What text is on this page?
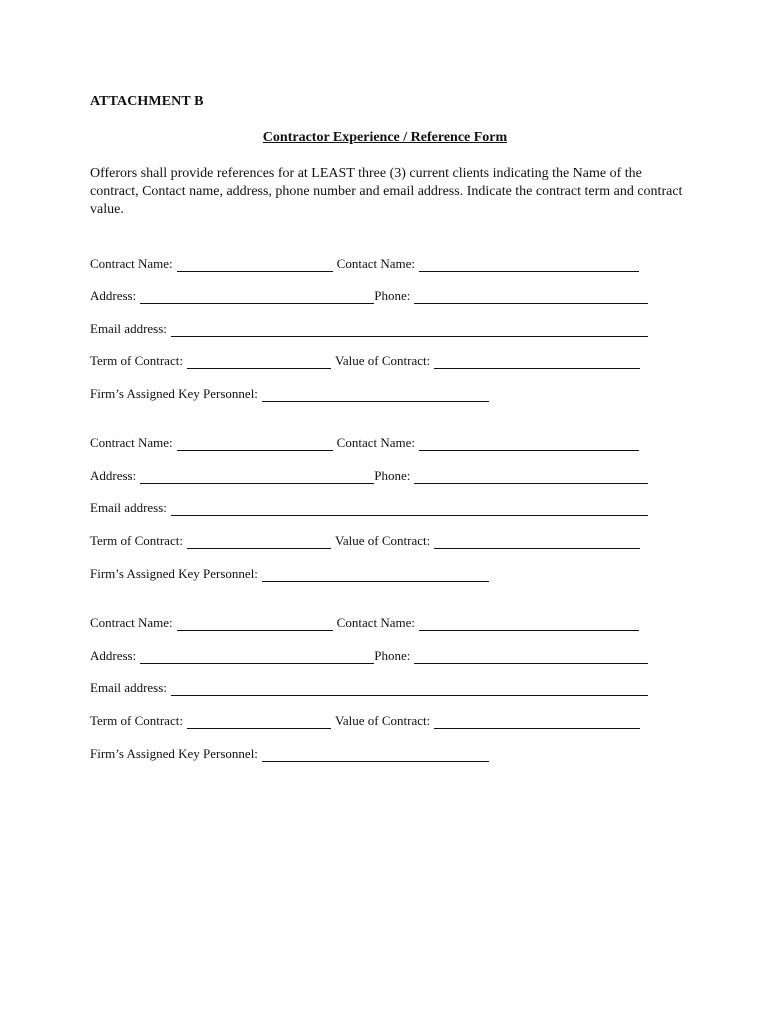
ATTACHMENT B
Contractor Experience / Reference Form
Offerors shall provide references for at LEAST three (3) current clients indicating the Name of the contract, Contact name, address, phone number and email address. Indicate the contract term and contract value.
Contract Name:	Contact Name:
Address:	Phone:
Email address:
Term of Contract:	Value of Contract:
Firm’s Assigned Key Personnel:
Contract Name:	Contact Name:
Address:	Phone:
Email address:
Term of Contract:	Value of Contract:
Firm’s Assigned Key Personnel:
Contract Name:	Contact Name:
Address:	Phone:
Email address:
Term of Contract:	Value of Contract:
Firm’s Assigned Key Personnel:
